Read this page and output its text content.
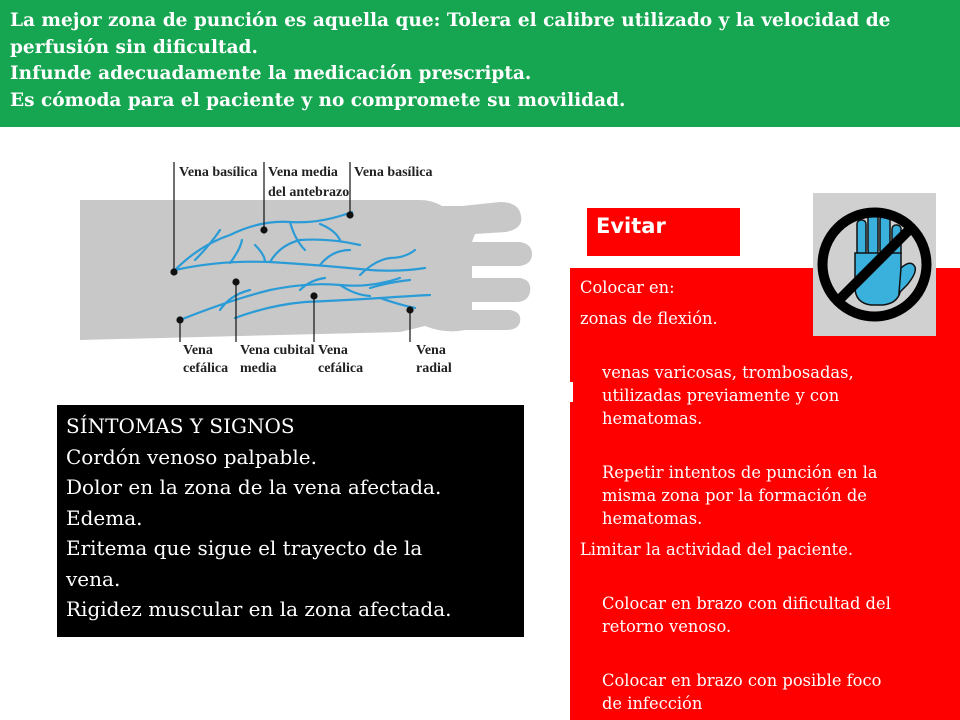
La mejor zona de punción es aquella que: Tolera el calibre utilizado y la velocidad de
perfusión sin dificultad.
Infunde adecuadamente la medicación prescripta.
Es cómoda para el paciente y no compromete su movilidad.
Vena basílica Vena media
del antebrazo
Vena basílica
Vena
cefálica
Vena cubital
media
Vena
cefálica
Vena
radial
Evitar
Colocar en:
zonas de flexión.

venas varicosas, trombosadas,
utilizadas previamente y con
hematomas.

Repetir intentos de punción en la
misma zona por la formación de
hematomas.

Limitar la actividad del paciente.

Colocar en brazo con dificultad del
retorno venoso.

Colocar en brazo con posible foco
de infección

SÍNTOMAS Y SIGNOS
Cordón venoso palpable.
Dolor en la zona de la vena afectada.
Edema.
Eritema que sigue el trayecto de la
vena.
Rigidez muscular en la zona afectada.
